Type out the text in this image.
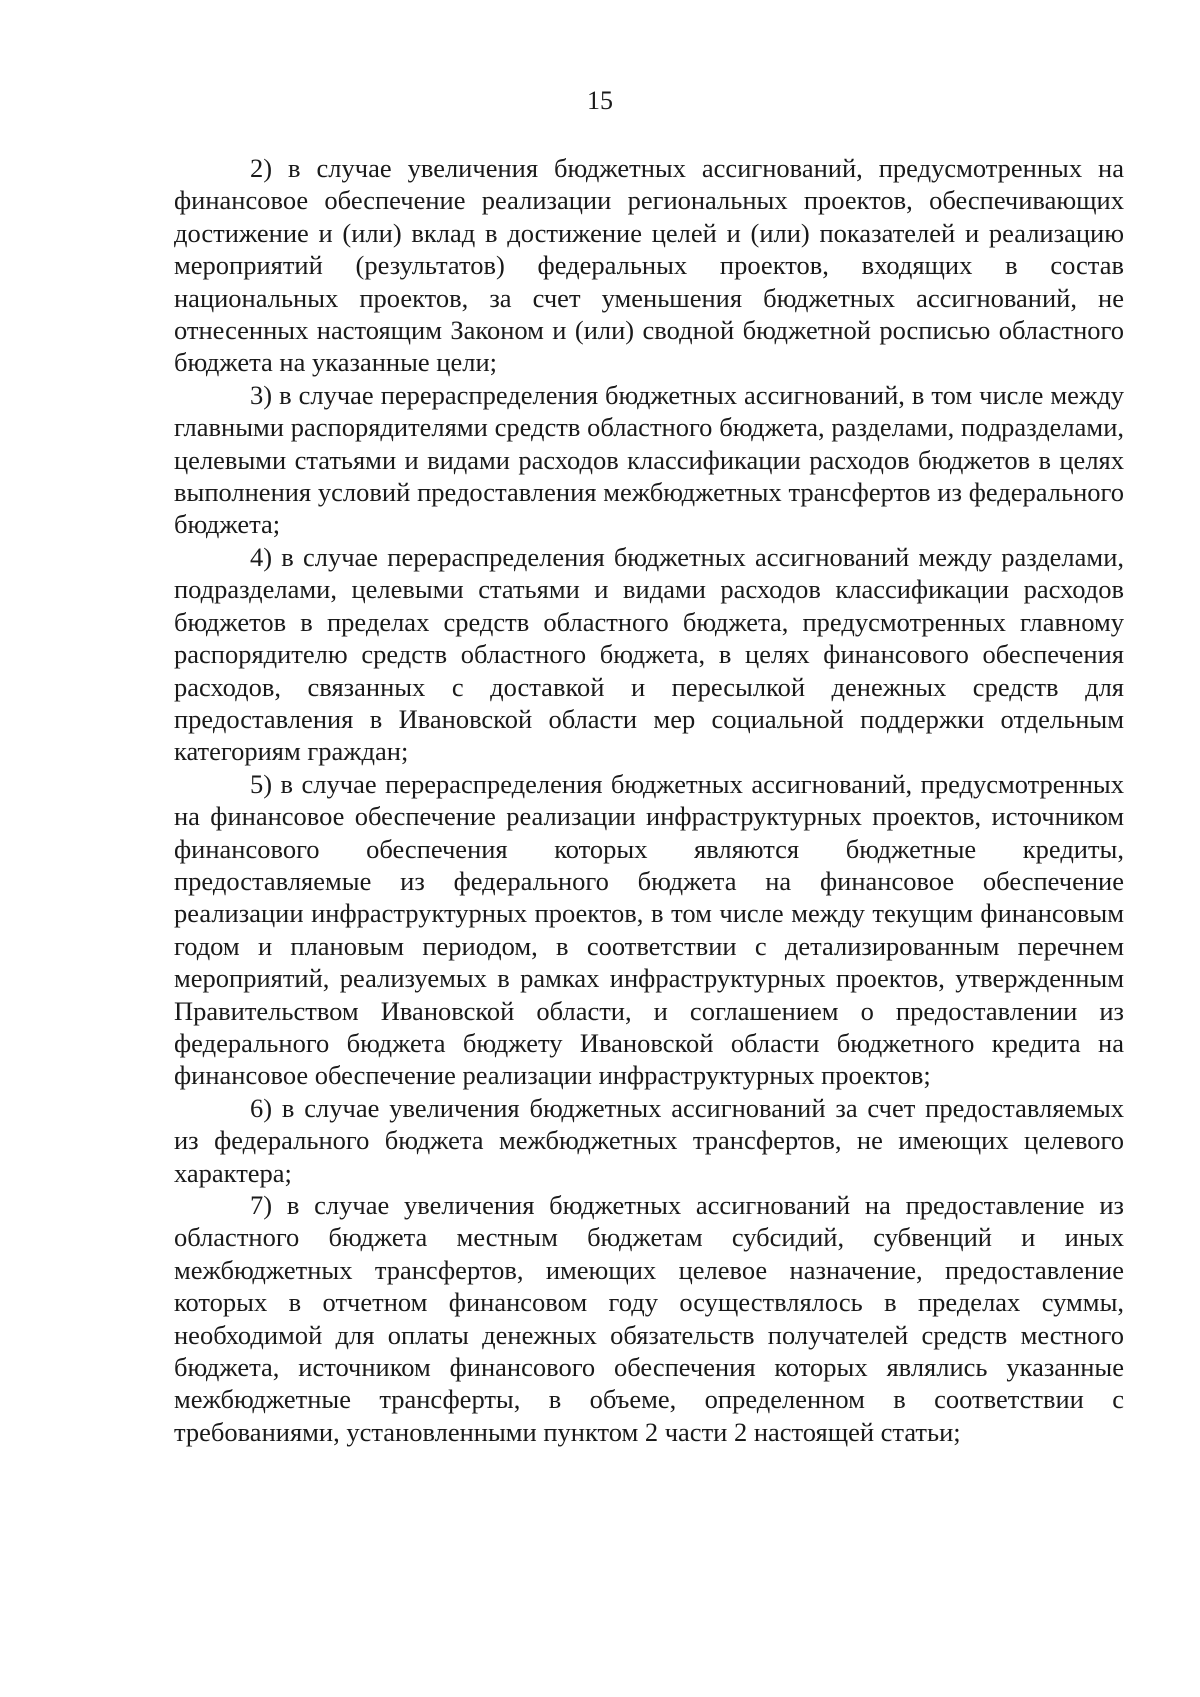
15

2) в случае увеличения бюджетных ассигнований, предусмотренных на финансовое обеспечение реализации региональных проектов, обеспечивающих достижение и (или) вклад в достижение целей и (или) показателей и реализацию мероприятий (результатов) федеральных проектов, входящих в состав национальных проектов, за счет уменьшения бюджетных ассигнований, не отнесенных настоящим Законом и (или) сводной бюджетной росписью областного бюджета на указанные цели;

3) в случае перераспределения бюджетных ассигнований, в том числе между главными распорядителями средств областного бюджета, разделами, подразделами, целевыми статьями и видами расходов классификации расходов бюджетов в целях выполнения условий предоставления межбюджетных трансфертов из федерального бюджета;

4) в случае перераспределения бюджетных ассигнований между разделами, подразделами, целевыми статьями и видами расходов классификации расходов бюджетов в пределах средств областного бюджета, предусмотренных главному распорядителю средств областного бюджета, в целях финансового обеспечения расходов, связанных с доставкой и пересылкой денежных средств для предоставления в Ивановской области мер социальной поддержки отдельным категориям граждан;

5) в случае перераспределения бюджетных ассигнований, предусмотренных на финансовое обеспечение реализации инфраструктурных проектов, источником финансового обеспечения которых являются бюджетные кредиты, предоставляемые из федерального бюджета на финансовое обеспечение реализации инфраструктурных проектов, в том числе между текущим финансовым годом и плановым периодом, в соответствии с детализированным перечнем мероприятий, реализуемых в рамках инфраструктурных проектов, утвержденным Правительством Ивановской области, и соглашением о предоставлении из федерального бюджета бюджету Ивановской области бюджетного кредита на финансовое обеспечение реализации инфраструктурных проектов;

6) в случае увеличения бюджетных ассигнований за счет предоставляемых из федерального бюджета межбюджетных трансфертов, не имеющих целевого характера;

7) в случае увеличения бюджетных ассигнований на предоставление из областного бюджета местным бюджетам субсидий, субвенций и иных межбюджетных трансфертов, имеющих целевое назначение, предоставление которых в отчетном финансовом году осуществлялось в пределах суммы, необходимой для оплаты денежных обязательств получателей средств местного бюджета, источником финансового обеспечения которых являлись указанные межбюджетные трансферты, в объеме, определенном в соответствии с требованиями, установленными пунктом 2 части 2 настоящей статьи;
